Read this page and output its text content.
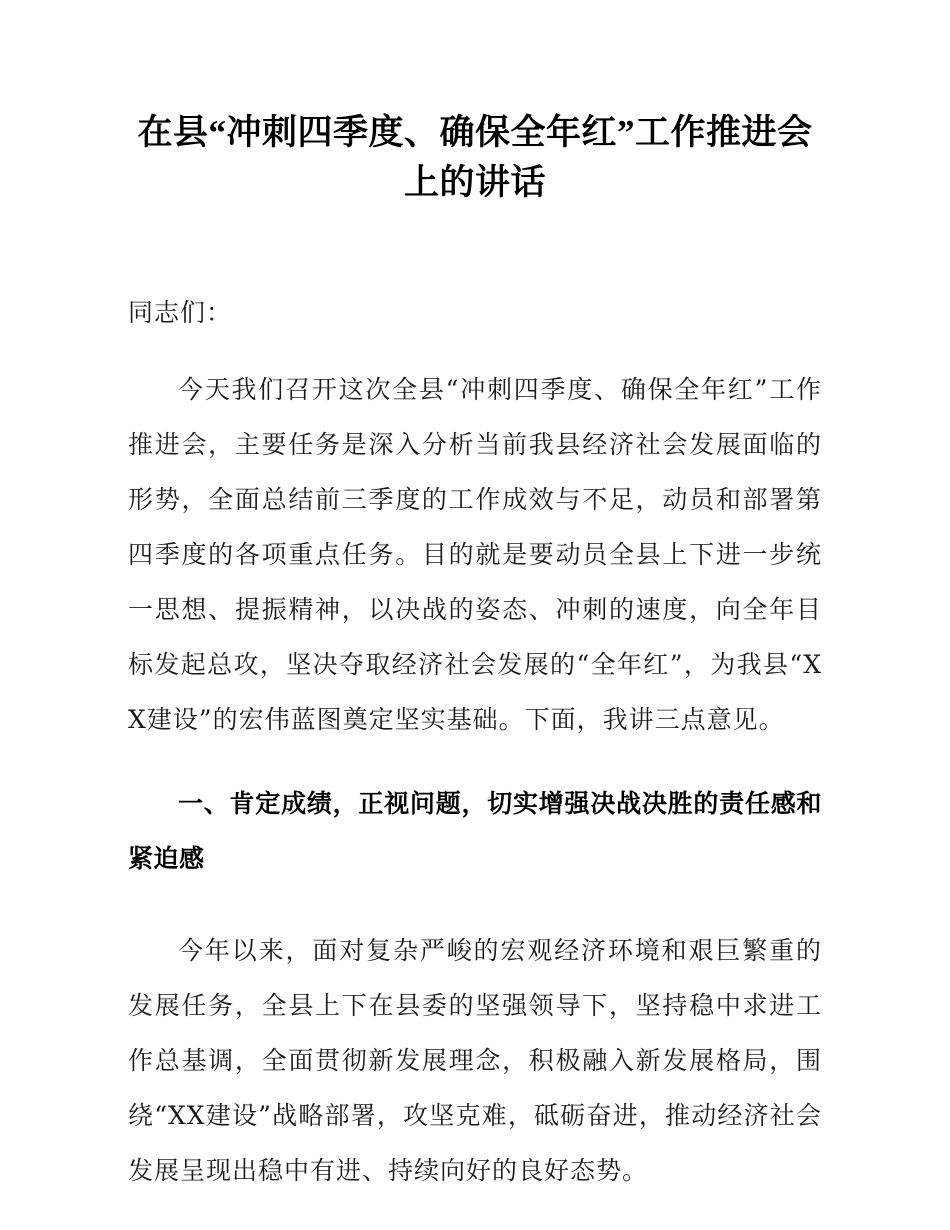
在县“冲刺四季度、确保全年红”工作推进会上的讲话

同志们：

今天我们召开这次全县“冲刺四季度、确保全年红”工作推进会，主要任务是深入分析当前我县经济社会发展面临的形势，全面总结前三季度的工作成效与不足，动员和部署第四季度的各项重点任务。目的就是要动员全县上下进一步统一思想、提振精神，以决战的姿态、冲刺的速度，向全年目标发起总攻，坚决夺取经济社会发展的“全年红”，为我县“XX建设”的宏伟蓝图奠定坚实基础。下面，我讲三点意见。

一、肯定成绩，正视问题，切实增强决战决胜的责任感和紧迫感

今年以来，面对复杂严峻的宏观经济环境和艰巨繁重的发展任务，全县上下在县委的坚强领导下，坚持稳中求进工作总基调，全面贯彻新发展理念，积极融入新发展格局，围绕“XX建设”战略部署，攻坚克难，砥砺奋进，推动经济社会发展呈现出稳中有进、持续向好的良好态势。
